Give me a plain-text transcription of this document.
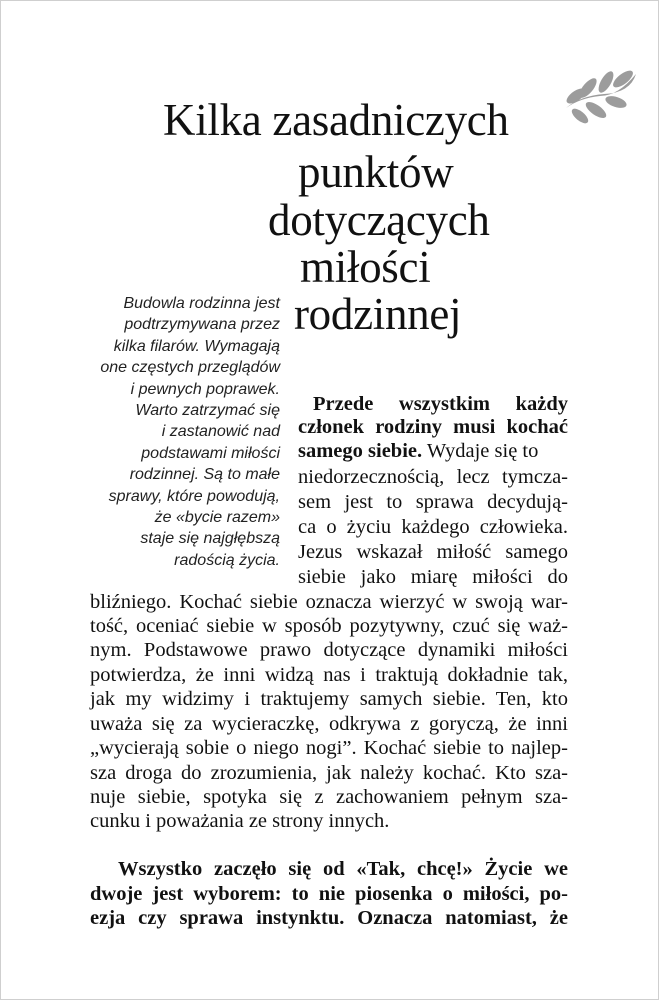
Kilka zasadniczych
punktów
dotyczących
miłości
rodzinnej
Budowla rodzinna jest
podtrzymywana przez
kilka filarów. Wymagają
one częstych przeglądów
i pewnych poprawek.
Warto zatrzymać się
i zastanowić nad
podstawami miłości
rodzinnej. Są to małe
sprawy, które powodują,
że «bycie razem»
staje się najgłębszą
radością życia.
Przede wszystkim każdy
członek rodziny musi kochać
samego siebie. Wydaje się to
niedorzecznością, lecz tymcza-
sem jest to sprawa decydują-
ca o życiu każdego człowieka.
Jezus wskazał miłość samego
siebie jako miarę miłości do
bliźniego. Kochać siebie oznacza wierzyć w swoją war-
tość, oceniać siebie w sposób pozytywny, czuć się waż-
nym. Podstawowe prawo dotyczące dynamiki miłości
potwierdza, że inni widzą nas i traktują dokładnie tak,
jak my widzimy i traktujemy samych siebie. Ten, kto
uważa się za wycieraczkę, odkrywa z goryczą, że inni
„wycierają sobie o niego nogi”. Kochać siebie to najlep-
sza droga do zrozumienia, jak należy kochać. Kto sza-
nuje siebie, spotyka się z zachowaniem pełnym sza-
cunku i poważania ze strony innych.
Wszystko zaczęło się od «Tak, chcę!» Życie we
dwoje jest wyborem: to nie piosenka o miłości, po-
ezja czy sprawa instynktu. Oznacza natomiast, że
